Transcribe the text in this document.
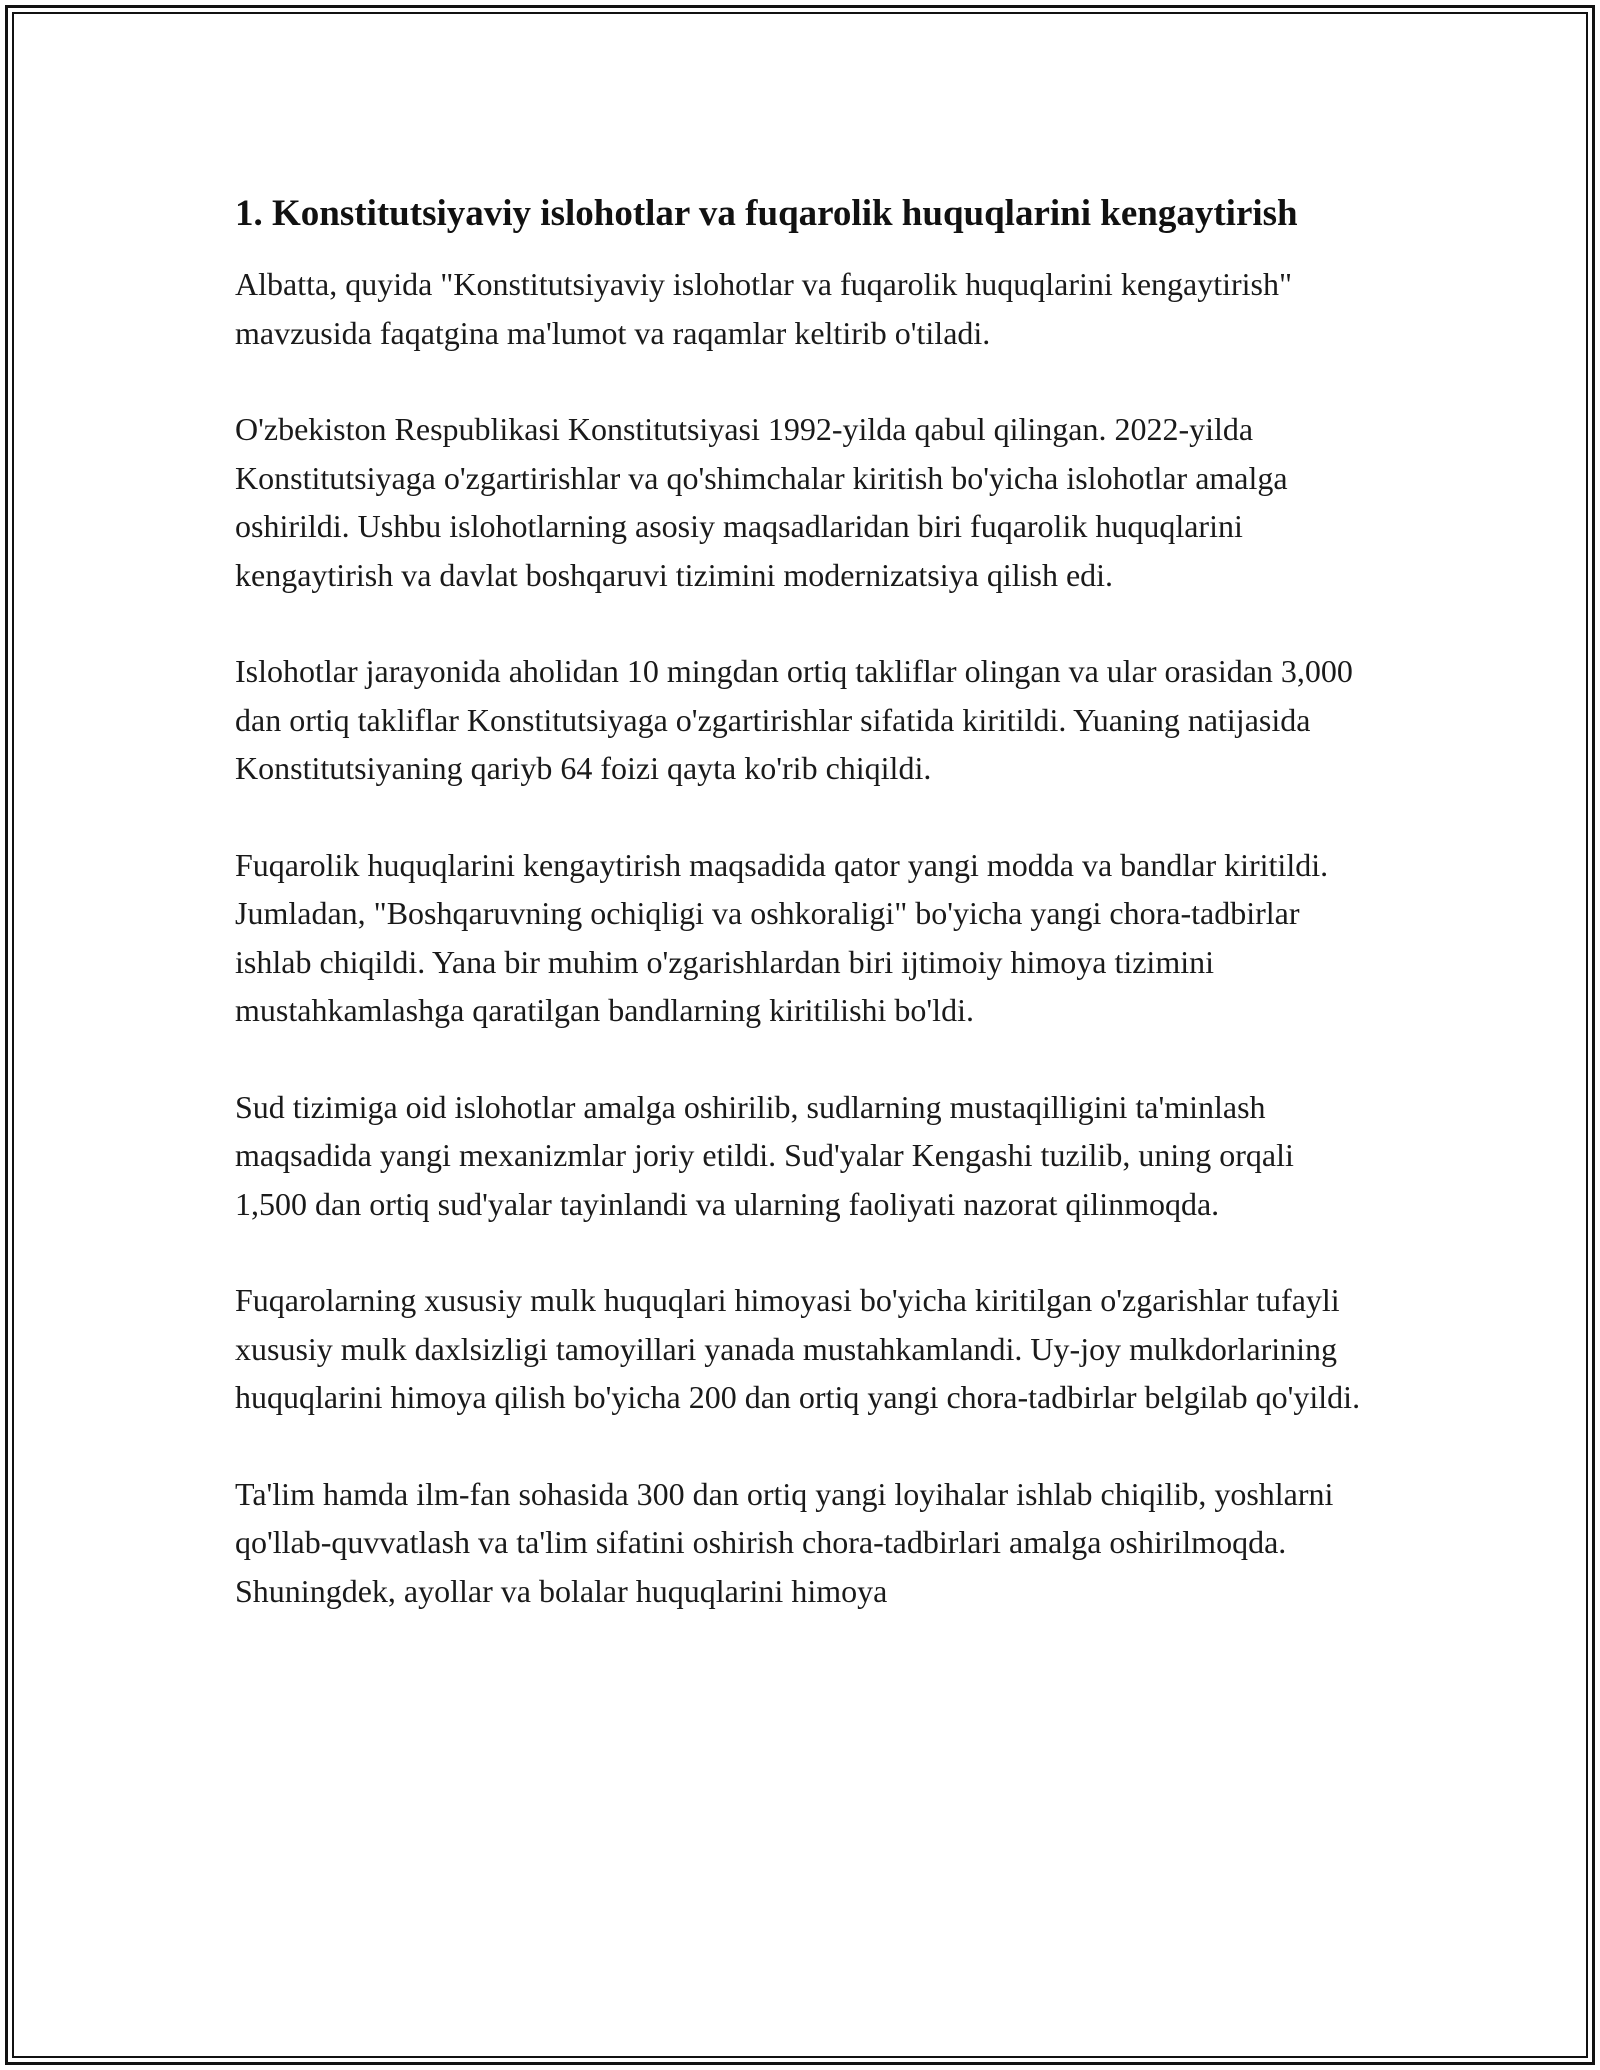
1. Konstitutsiyaviy islohotlar va fuqarolik huquqlarini kengaytirish

Albatta, quyida "Konstitutsiyaviy islohotlar va fuqarolik huquqlarini kengaytirish" mavzusida faqatgina ma'lumot va raqamlar keltirib o'tiladi.

O'zbekiston Respublikasi Konstitutsiyasi 1992-yilda qabul qilingan. 2022-yilda Konstitutsiyaga o'zgartirishlar va qo'shimchalar kiritish bo'yicha islohotlar amalga oshirildi. Ushbu islohotlarning asosiy maqsadlaridan biri fuqarolik huquqlarini kengaytirish va davlat boshqaruvi tizimini modernizatsiya qilish edi.

Islohotlar jarayonida aholidan 10 mingdan ortiq takliflar olingan va ular orasidan 3,000 dan ortiq takliflar Konstitutsiyaga o'zgartirishlar sifatida kiritildi. Yuaning natijasida Konstitutsiyaning qariyb 64 foizi qayta ko'rib chiqildi.

Fuqarolik huquqlarini kengaytirish maqsadida qator yangi modda va bandlar kiritildi. Jumladan, "Boshqaruvning ochiqligi va oshkoraligi" bo'yicha yangi chora-tadbirlar ishlab chiqildi. Yana bir muhim o'zgarishlardan biri ijtimoiy himoya tizimini mustahkamlashga qaratilgan bandlarning kiritilishi bo'ldi.

Sud tizimiga oid islohotlar amalga oshirilib, sudlarning mustaqilligini ta'minlash maqsadida yangi mexanizmlar joriy etildi. Sud'yalar Kengashi tuzilib, uning orqali 1,500 dan ortiq sud'yalar tayinlandi va ularning faoliyati nazorat qilinmoqda.

Fuqarolarning xususiy mulk huquqlari himoyasi bo'yicha kiritilgan o'zgarishlar tufayli xususiy mulk daxlsizligi tamoyillari yanada mustahkamlandi. Uy-joy mulkdorlarining huquqlarini himoya qilish bo'yicha 200 dan ortiq yangi chora-tadbirlar belgilab qo'yildi.

Ta'lim hamda ilm-fan sohasida 300 dan ortiq yangi loyihalar ishlab chiqilib, yoshlarni qo'llab-quvvatlash va ta'lim sifatini oshirish chora-tadbirlari amalga oshirilmoqda. Shuningdek, ayollar va bolalar huquqlarini himoya
